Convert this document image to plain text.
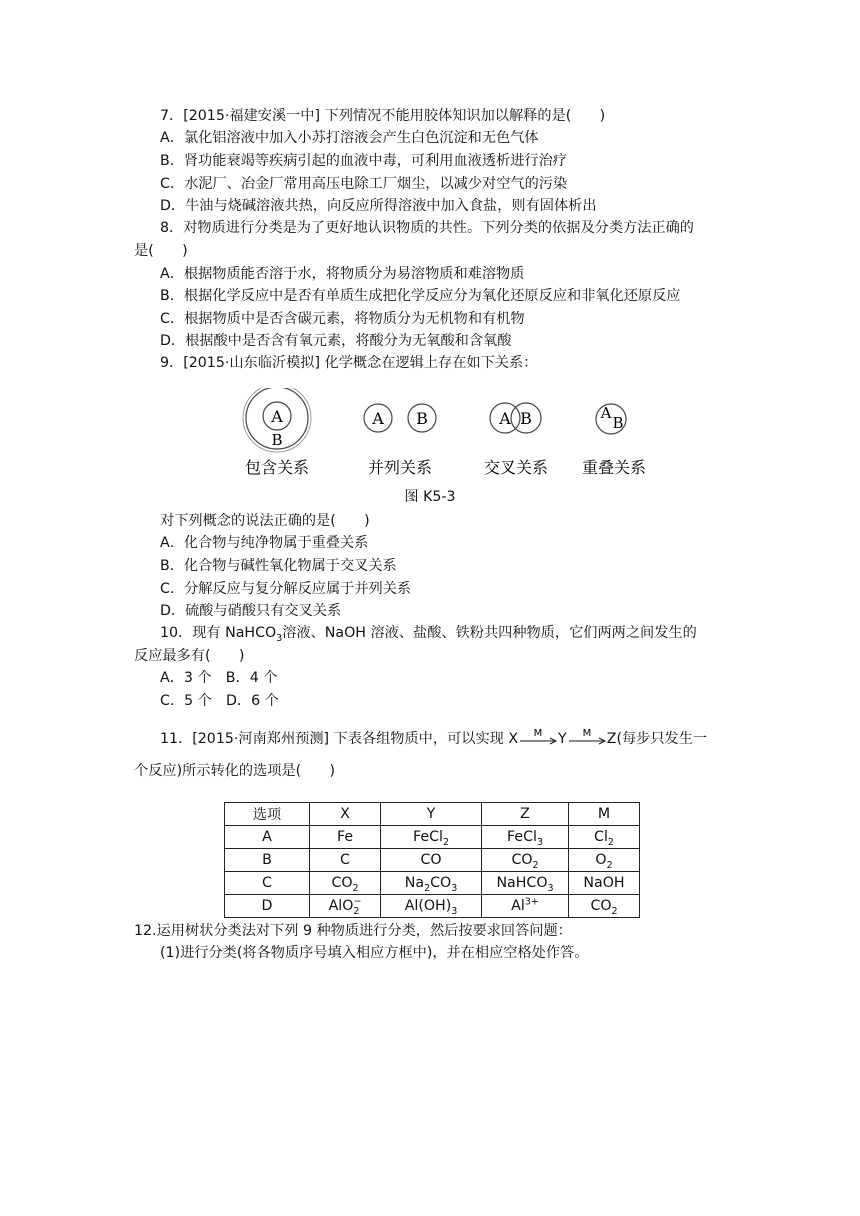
7．[2015·福建安溪一中] 下列情况不能用胶体知识加以解释的是(　　)
A．氯化铝溶液中加入小苏打溶液会产生白色沉淀和无色气体
B．肾功能衰竭等疾病引起的血液中毒，可利用血液透析进行治疗
C．水泥厂、冶金厂常用高压电除工厂烟尘，以减少对空气的污染
D．牛油与烧碱溶液共热，向反应所得溶液中加入食盐，则有固体析出
8．对物质进行分类是为了更好地认识物质的共性。下列分类的依据及分类方法正确的
是(　　)
A．根据物质能否溶于水，将物质分为易溶物质和难溶物质
B．根据化学反应中是否有单质生成把化学反应分为氧化还原反应和非氧化还原反应
C．根据物质中是否含碳元素，将物质分为无机物和有机物
D．根据酸中是否含有氧元素，将酸分为无氧酸和含氧酸
9．[2015·山东临沂模拟] 化学概念在逻辑上存在如下关系：
A
B
A B	A B	A
B
包含关系	并列关系	交叉关系 重叠关系
图 K5-3
对下列概念的说法正确的是(　　)
A．化合物与纯净物属于重叠关系
B．化合物与碱性氧化物属于交叉关系
C．分解反应与复分解反应属于并列关系
D．硫酸与硝酸只有交叉关系
10．现有 NaHCO$_3$溶液、NaOH 溶液、盐酸、铁粉共四种物质，它们两两之间发生的
反应最多有(　　)
A．3 个　B．4 个
C．5 个　D．6 个
11．[2015·河南郑州预测] 下表各组物质中，可以实现 X M Y M Z(每步只发生一
个反应)所示转化的选项是(　　)
选项	X	Y	Z	M
A	Fe	FeCl$_2$	FeCl$_3$	$Cl_2$
B	C	CO	$CO_2$	$O_2$
C	$CO_2$	$Na_2CO_3$	NaHCO$_3$	NaOH
D	AlO$_2$−	$Al(OH)_3$	$Al^{3+}$	$CO_2$
12.运用树状分类法对下列 9 种物质进行分类，然后按要求回答问题：
(1)进行分类(将各物质序号填入相应方框中)，并在相应空格处作答。
